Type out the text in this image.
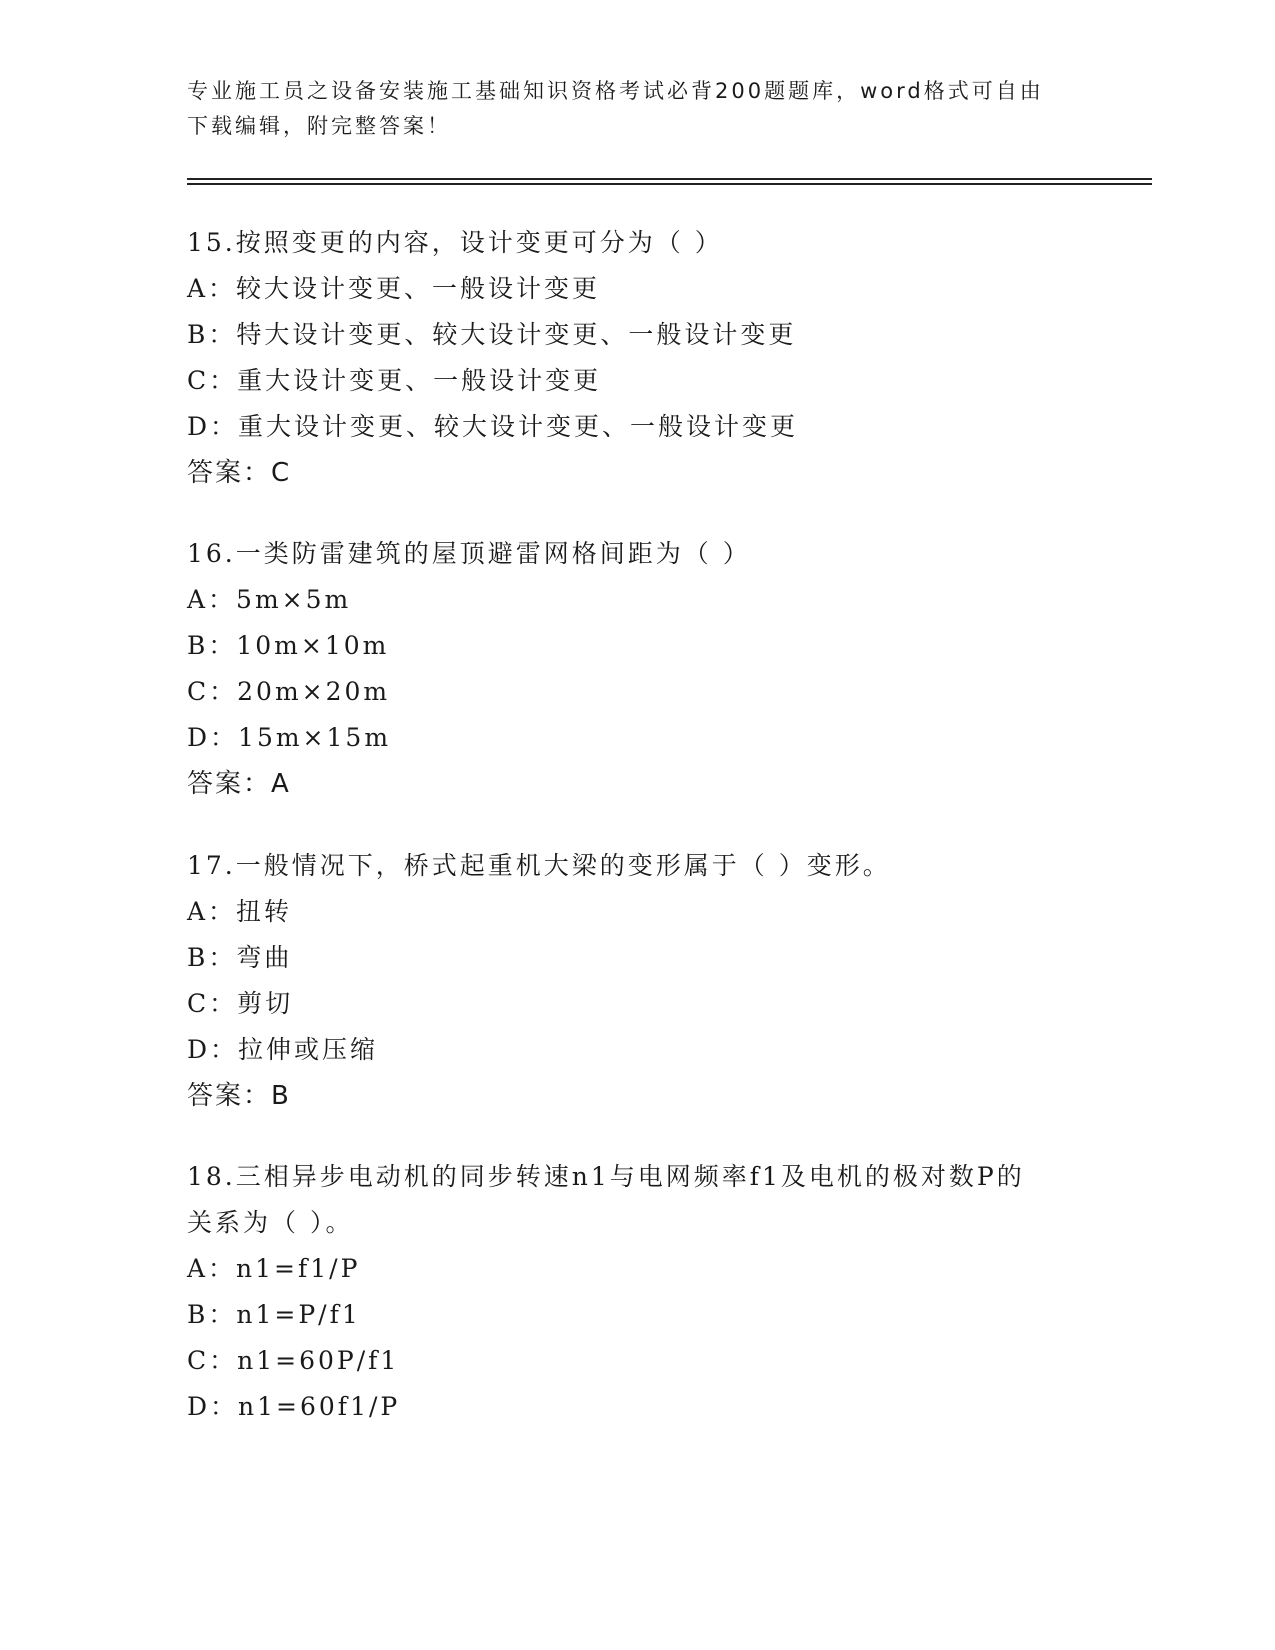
专业施工员之设备安装施工基础知识资格考试必背200题题库，word格式可自由
下载编辑，附完整答案！
15.按照变更的内容，设计变更可分为（ ）
A：较大设计变更、一般设计变更
B：特大设计变更、较大设计变更、一般设计变更
C：重大设计变更、一般设计变更
D：重大设计变更、较大设计变更、一般设计变更
答案：C
16.一类防雷建筑的屋顶避雷网格间距为（ ）
A：5m×5m
B：10m×10m
C：20m×20m
D：15m×15m
答案：A
17.一般情况下，桥式起重机大梁的变形属于（ ）变形。
A：扭转
B：弯曲
C：剪切
D：拉伸或压缩
答案：B
18.三相异步电动机的同步转速n1与电网频率f1及电机的极对数P的
关系为（ ）。
A：n1=f1/P
B：n1=P/f1
C：n1=60P/f1
D：n1=60f1/P
